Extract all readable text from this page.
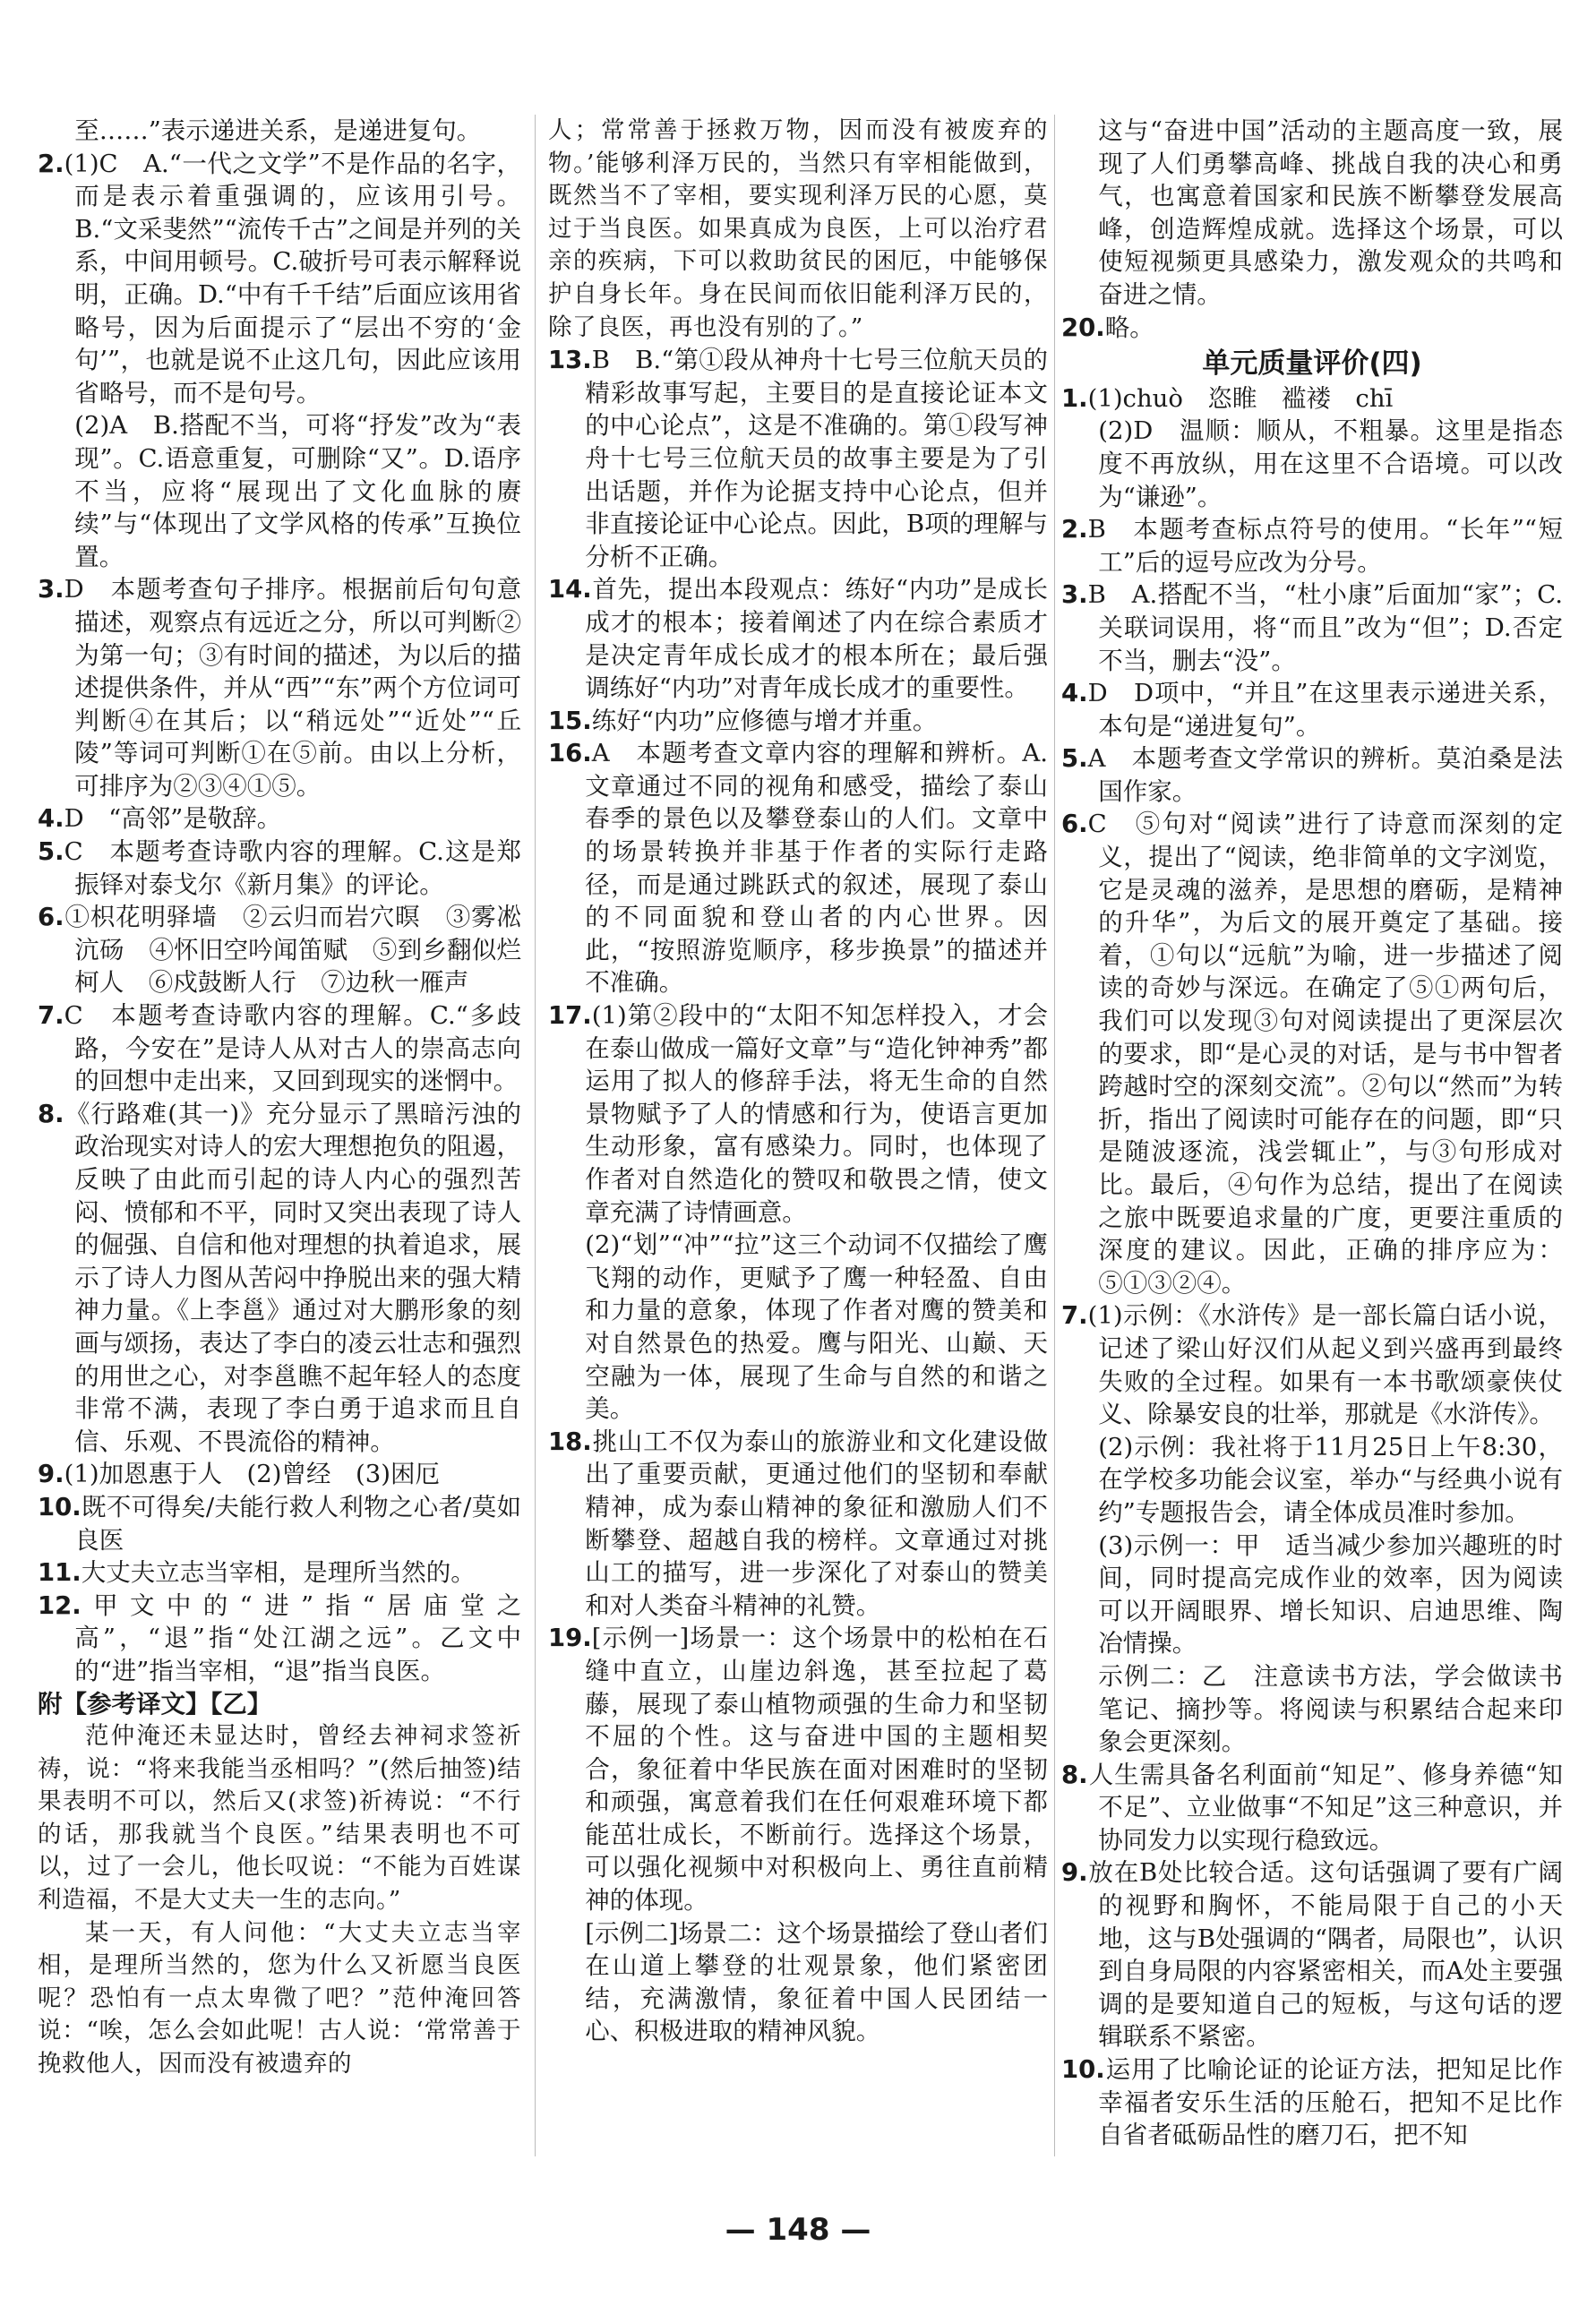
至……”表示递进关系，是递进复句。

2.(1)C　A.“一代之文学”不是作品的名字，而是表示着重强调的，应该用引号。B.“文采斐然”“流传千古”之间是并列的关系，中间用顿号。C.破折号可表示解释说明，正确。D.“中有千千结”后面应该用省略号，因为后面提示了“层出不穷的‘金句’”，也就是说不止这几句，因此应该用省略号，而不是句号。

(2)A　B.搭配不当，可将“抒发”改为“表现”。C.语意重复，可删除“又”。D.语序不当，应将“展现出了文化血脉的赓续”与“体现出了文学风格的传承”互换位置。

3.D　本题考查句子排序。根据前后句句意描述，观察点有远近之分，所以可判断②为第一句；③有时间的描述，为以后的描述提供条件，并从“西”“东”两个方位词可判断④在其后；以“稍远处”“近处”“丘陵”等词可判断①在⑤前。由以上分析，可排序为②③④①⑤。

4.D　“高邻”是敬辞。

5.C　本题考查诗歌内容的理解。C.这是郑振铎对泰戈尔《新月集》的评论。

6.①枳花明驿墙　②云归而岩穴暝　③雾凇沆砀　④怀旧空吟闻笛赋　⑤到乡翻似烂柯人　⑥戍鼓断人行　⑦边秋一雁声

7.C　本题考查诗歌内容的理解。C.“多歧路，今安在”是诗人从对古人的崇高志向的回想中走出来，又回到现实的迷惘中。

8.《行路难(其一)》充分显示了黑暗污浊的政治现实对诗人的宏大理想抱负的阻遏，反映了由此而引起的诗人内心的强烈苦闷、愤郁和不平，同时又突出表现了诗人的倔强、自信和他对理想的执着追求，展示了诗人力图从苦闷中挣脱出来的强大精神力量。《上李邕》通过对大鹏形象的刻画与颂扬，表达了李白的凌云壮志和强烈的用世之心，对李邕瞧不起年轻人的态度非常不满，表现了李白勇于追求而且自信、乐观、不畏流俗的精神。

9.(1)加恩惠于人　(2)曾经　(3)困厄

10.既不可得矣/夫能行救人利物之心者/莫如良医

11.大丈夫立志当宰相，是理所当然的。

12.甲文中的“进”指“居庙堂之高”，“退”指“处江湖之远”。乙文中的“进”指当宰相，“退”指当良医。

附【参考译文】【乙】

范仲淹还未显达时，曾经去神祠求签祈祷，说：“将来我能当丞相吗？”(然后抽签)结果表明不可以，然后又(求签)祈祷说：“不行的话，那我就当个良医。”结果表明也不可以，过了一会儿，他长叹说：“不能为百姓谋利造福，不是大丈夫一生的志向。”

某一天，有人问他：“大丈夫立志当宰相，是理所当然的，您为什么又祈愿当良医呢？恐怕有一点太卑微了吧？”范仲淹回答说：“唉，怎么会如此呢！古人说：‘常常善于挽救他人，因而没有被遗弃的

人；常常善于拯救万物，因而没有被废弃的物。’能够利泽万民的，当然只有宰相能做到，既然当不了宰相，要实现利泽万民的心愿，莫过于当良医。如果真成为良医，上可以治疗君亲的疾病，下可以救助贫民的困厄，中能够保护自身长年。身在民间而依旧能利泽万民的，除了良医，再也没有别的了。”

13.B　B.“第①段从神舟十七号三位航天员的精彩故事写起，主要目的是直接论证本文的中心论点”，这是不准确的。第①段写神舟十七号三位航天员的故事主要是为了引出话题，并作为论据支持中心论点，但并非直接论证中心论点。因此，B项的理解与分析不正确。

14.首先，提出本段观点：练好“内功”是成长成才的根本；接着阐述了内在综合素质才是决定青年成长成才的根本所在；最后强调练好“内功”对青年成长成才的重要性。

15.练好“内功”应修德与增才并重。

16.A　本题考查文章内容的理解和辨析。A.文章通过不同的视角和感受，描绘了泰山春季的景色以及攀登泰山的人们。文章中的场景转换并非基于作者的实际行走路径，而是通过跳跃式的叙述，展现了泰山的不同面貌和登山者的内心世界。因此，“按照游览顺序，移步换景”的描述并不准确。

17.(1)第②段中的“太阳不知怎样投入，才会在泰山做成一篇好文章”与“造化钟神秀”都运用了拟人的修辞手法，将无生命的自然景物赋予了人的情感和行为，使语言更加生动形象，富有感染力。同时，也体现了作者对自然造化的赞叹和敬畏之情，使文章充满了诗情画意。

(2)“划”“冲”“拉”这三个动词不仅描绘了鹰飞翔的动作，更赋予了鹰一种轻盈、自由和力量的意象，体现了作者对鹰的赞美和对自然景色的热爱。鹰与阳光、山巅、天空融为一体，展现了生命与自然的和谐之美。

18.挑山工不仅为泰山的旅游业和文化建设做出了重要贡献，更通过他们的坚韧和奉献精神，成为泰山精神的象征和激励人们不断攀登、超越自我的榜样。文章通过对挑山工的描写，进一步深化了对泰山的赞美和对人类奋斗精神的礼赞。

19.[示例一]场景一：这个场景中的松柏在石缝中直立，山崖边斜逸，甚至拉起了葛藤，展现了泰山植物顽强的生命力和坚韧不屈的个性。这与奋进中国的主题相契合，象征着中华民族在面对困难时的坚韧和顽强，寓意着我们在任何艰难环境下都能茁壮成长，不断前行。选择这个场景，可以强化视频中对积极向上、勇往直前精神的体现。

[示例二]场景二：这个场景描绘了登山者们在山道上攀登的壮观景象，他们紧密团结，充满激情，象征着中国人民团结一心、积极进取的精神风貌。

这与“奋进中国”活动的主题高度一致，展现了人们勇攀高峰、挑战自我的决心和勇气，也寓意着国家和民族不断攀登发展高峰，创造辉煌成就。选择这个场景，可以使短视频更具感染力，激发观众的共鸣和奋进之情。

20.略。

单元质量评价(四)

1.(1)chuò　恣睢　褴褛　chī

(2)D　温顺：顺从，不粗暴。这里是指态度不再放纵，用在这里不合语境。可以改为“谦逊”。

2.B　本题考查标点符号的使用。“长年”“短工”后的逗号应改为分号。

3.B　A.搭配不当，“杜小康”后面加“家”；C.关联词误用，将“而且”改为“但”；D.否定不当，删去“没”。

4.D　D项中，“并且”在这里表示递进关系，本句是“递进复句”。

5.A　本题考查文学常识的辨析。莫泊桑是法国作家。

6.C　⑤句对“阅读”进行了诗意而深刻的定义，提出了“阅读，绝非简单的文字浏览，它是灵魂的滋养，是思想的磨砺，是精神的升华”，为后文的展开奠定了基础。接着，①句以“远航”为喻，进一步描述了阅读的奇妙与深远。在确定了⑤①两句后，我们可以发现③句对阅读提出了更深层次的要求，即“是心灵的对话，是与书中智者跨越时空的深刻交流”。②句以“然而”为转折，指出了阅读时可能存在的问题，即“只是随波逐流，浅尝辄止”，与③句形成对比。最后，④句作为总结，提出了在阅读之旅中既要追求量的广度，更要注重质的深度的建议。因此，正确的排序应为：⑤①③②④。

7.(1)示例：《水浒传》是一部长篇白话小说，记述了梁山好汉们从起义到兴盛再到最终失败的全过程。如果有一本书歌颂豪侠仗义、除暴安良的壮举，那就是《水浒传》。

(2)示例：我社将于11月25日上午8:30，在学校多功能会议室，举办“与经典小说有约”专题报告会，请全体成员准时参加。

(3)示例一：甲　适当减少参加兴趣班的时间，同时提高完成作业的效率，因为阅读可以开阔眼界、增长知识、启迪思维、陶冶情操。

示例二：乙　注意读书方法，学会做读书笔记、摘抄等。将阅读与积累结合起来印象会更深刻。

8.人生需具备名利面前“知足”、修身养德“知不足”、立业做事“不知足”这三种意识，并协同发力以实现行稳致远。

9.放在B处比较合适。这句话强调了要有广阔的视野和胸怀，不能局限于自己的小天地，这与B处强调的“隅者，局限也”，认识到自身局限的内容紧密相关，而A处主要强调的是要知道自己的短板，与这句话的逻辑联系不紧密。

10.运用了比喻论证的论证方法，把知足比作幸福者安乐生活的压舱石，把知不足比作自省者砥砺品性的磨刀石，把不知

— 148 —
